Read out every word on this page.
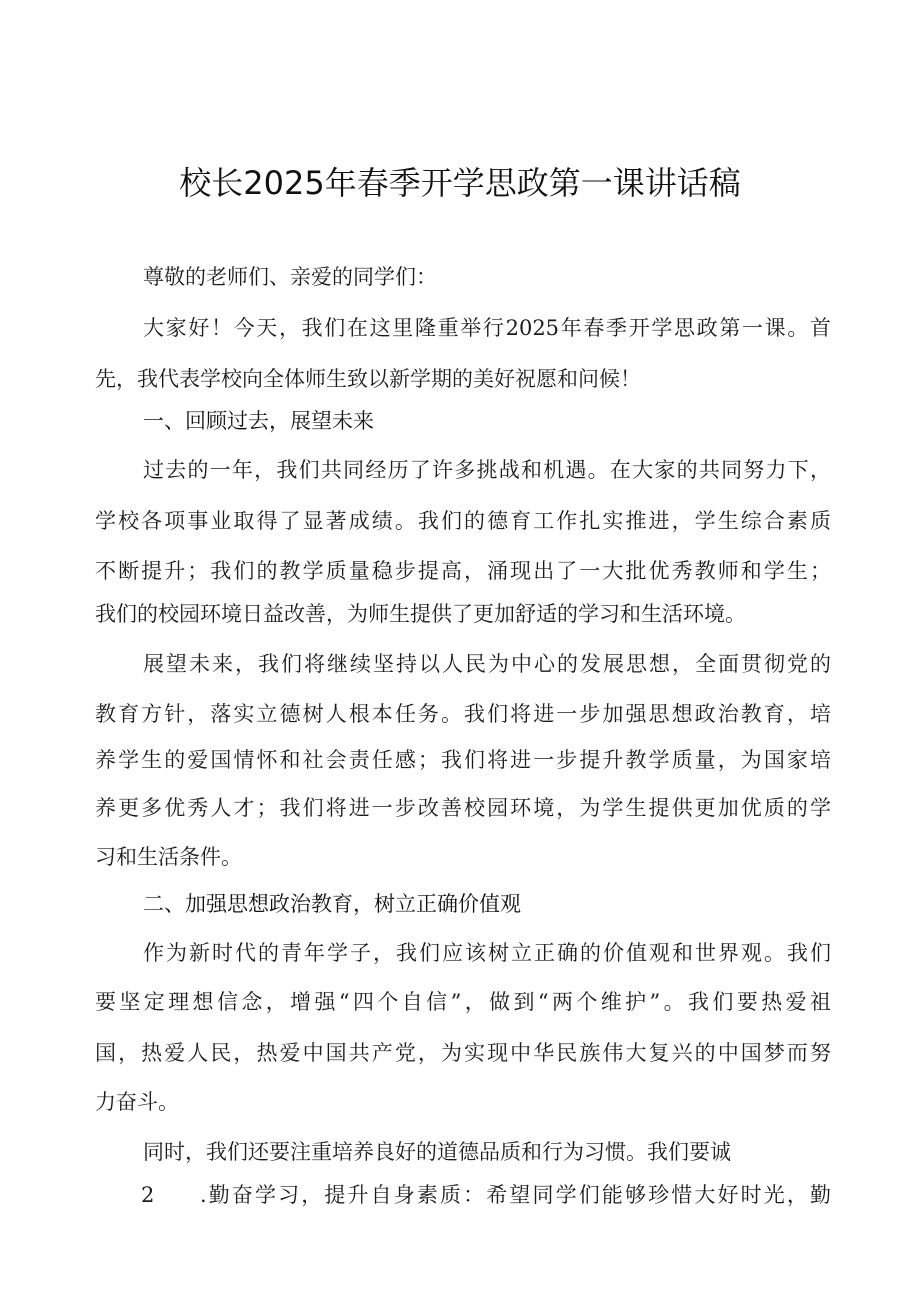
校长2025年春季开学思政第一课讲话稿
尊敬的老师们、亲爱的同学们：
大家好！今天，我们在这里隆重举行2025年春季开学思政第一课。首
先，我代表学校向全体师生致以新学期的美好祝愿和问候！
一、回顾过去，展望未来
过去的一年，我们共同经历了许多挑战和机遇。在大家的共同努力下，
学校各项事业取得了显著成绩。我们的德育工作扎实推进，学生综合素质
不断提升；我们的教学质量稳步提高，涌现出了一大批优秀教师和学生；
我们的校园环境日益改善，为师生提供了更加舒适的学习和生活环境。
展望未来，我们将继续坚持以人民为中心的发展思想，全面贯彻党的
教育方针，落实立德树人根本任务。我们将进一步加强思想政治教育，培
养学生的爱国情怀和社会责任感；我们将进一步提升教学质量，为国家培
养更多优秀人才；我们将进一步改善校园环境，为学生提供更加优质的学
习和生活条件。
二、加强思想政治教育，树立正确价值观
作为新时代的青年学子，我们应该树立正确的价值观和世界观。我们
要坚定理想信念，增强“四个自信”，做到“两个维护”。我们要热爱祖
国，热爱人民，热爱中国共产党，为实现中华民族伟大复兴的中国梦而努
力奋斗。
同时，我们还要注重培养良好的道德品质和行为习惯。我们要诚
2 .勤奋学习，提升自身素质：希望同学们能够珍惜大好时光，勤
